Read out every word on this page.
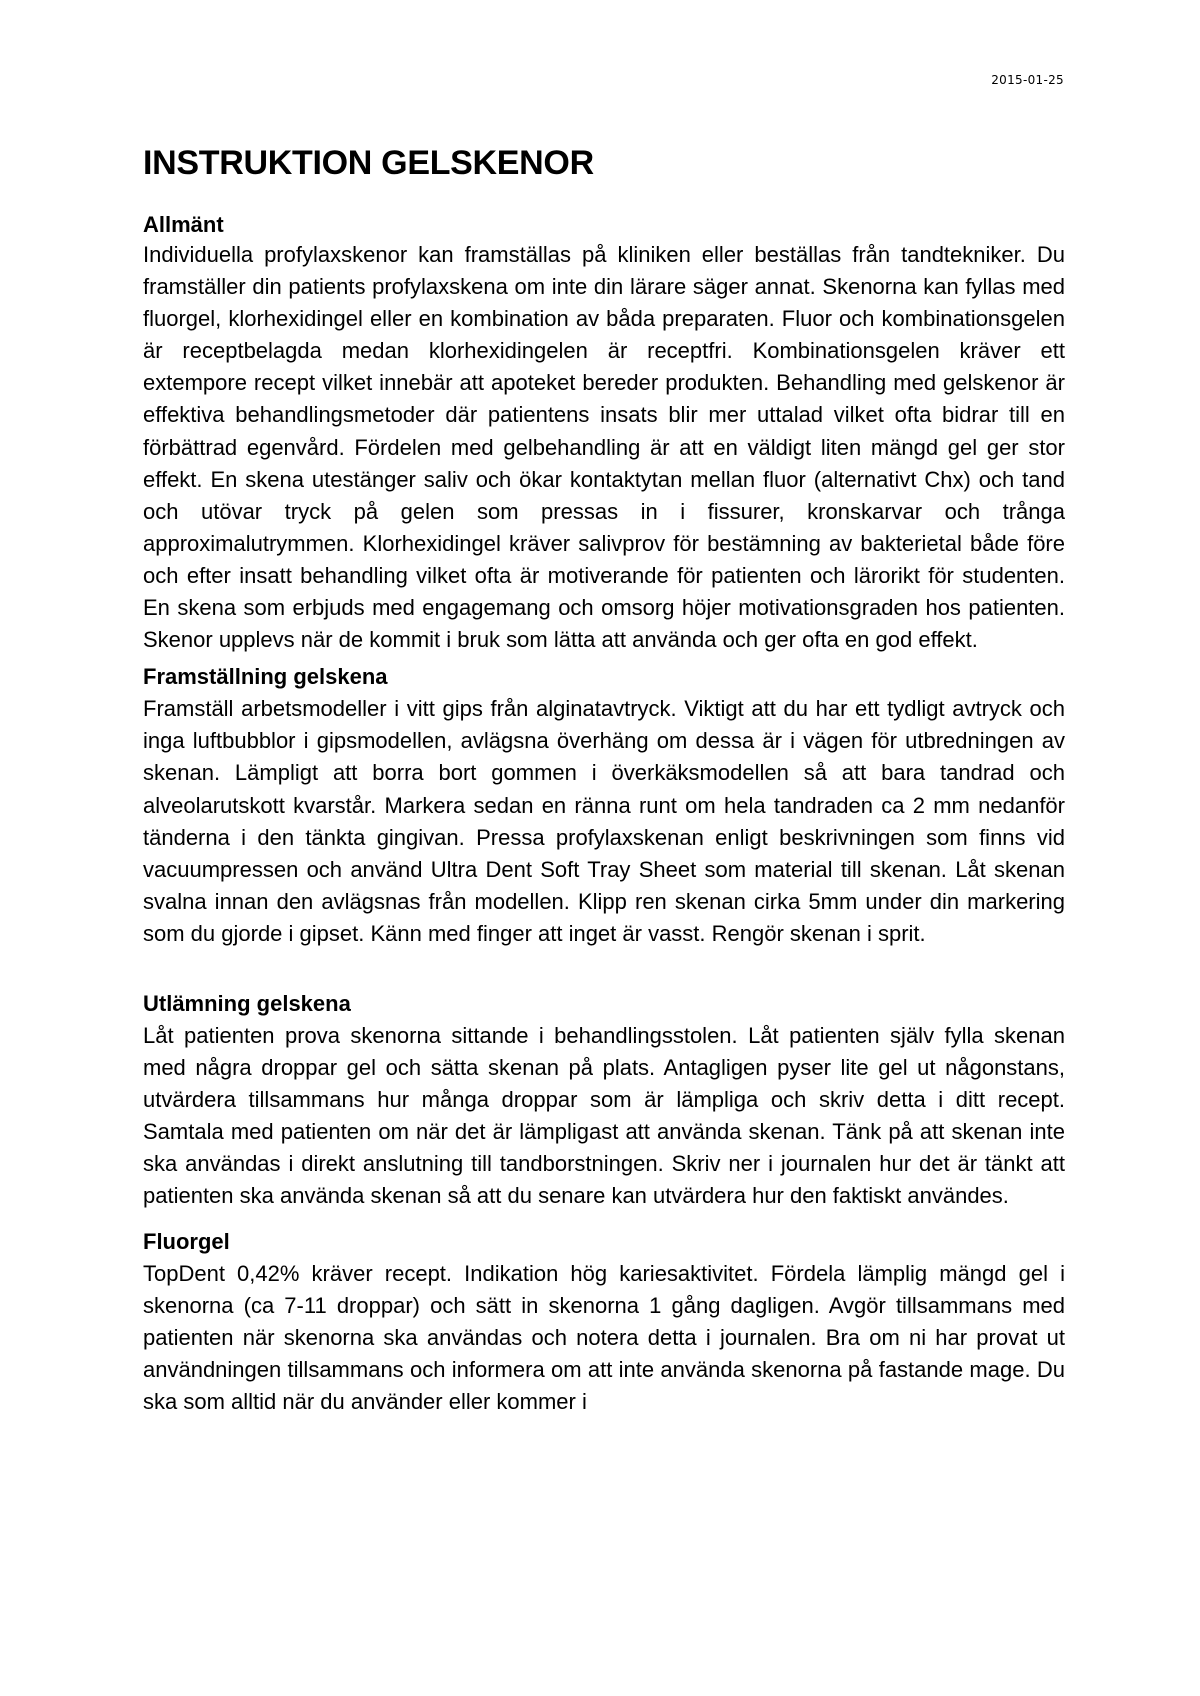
2015-01-25
INSTRUKTION GELSKENOR
Allmänt

Individuella profylaxskenor kan framställas på kliniken eller beställas från tandtekniker. Du framställer din patients profylaxskena om inte din lärare säger annat. Skenorna kan fyllas med fluorgel, klorhexidingel eller en kombination av båda preparaten. Fluor och kombinationsgelen är receptbelagda medan klorhexidingelen är receptfri. Kombinationsgelen kräver ett extempore recept vilket innebär att apoteket bereder produkten. Behandling med gelskenor är effektiva behandlingsmetoder där patientens insats blir mer uttalad vilket ofta bidrar till en förbättrad egenvård. Fördelen med gelbehandling är att en väldigt liten mängd gel ger stor effekt. En skena utestänger saliv och ökar kontaktytan mellan fluor (alternativt Chx) och tand och utövar tryck på gelen som pressas in i fissurer, kronskarvar och trånga approximalutrymmen. Klorhexidingel kräver salivprov för bestämning av bakterietal både före och efter insatt behandling vilket ofta är motiverande för patienten och lärorikt för studenten. En skena som erbjuds med engagemang och omsorg höjer motivationsgraden hos patienten. Skenor upplevs när de kommit i bruk som lätta att använda och ger ofta en god effekt.

Framställning gelskena

Framställ arbetsmodeller i vitt gips från alginatavtryck. Viktigt att du har ett tydligt avtryck och inga luftbubblor i gipsmodellen, avlägsna överhäng om dessa är i vägen för utbredningen av skenan. Lämpligt att borra bort gommen i överkäksmodellen så att bara tandrad och alveolarutskott kvarstår. Markera sedan en ränna runt om hela tandraden ca 2 mm nedanför tänderna i den tänkta gingivan. Pressa profylaxskenan enligt beskrivningen som finns vid vacuumpressen och använd Ultra Dent Soft Tray Sheet som material till skenan. Låt skenan svalna innan den avlägsnas från modellen. Klipp ren skenan cirka 5mm under din markering som du gjorde i gipset. Känn med finger att inget är vasst. Rengör skenan i sprit.

Utlämning gelskena

Låt patienten prova skenorna sittande i behandlingsstolen. Låt patienten själv fylla skenan med några droppar gel och sätta skenan på plats. Antagligen pyser lite gel ut någonstans, utvärdera tillsammans hur många droppar som är lämpliga och skriv detta i ditt recept. Samtala med patienten om när det är lämpligast att använda skenan. Tänk på att skenan inte ska användas i direkt anslutning till tandborstningen. Skriv ner i journalen hur det är tänkt att patienten ska använda skenan så att du senare kan utvärdera hur den faktiskt användes.

Fluorgel

TopDent 0,42% kräver recept. Indikation hög kariesaktivitet. Fördela lämplig mängd gel i skenorna (ca 7-11 droppar) och sätt in skenorna 1 gång dagligen. Avgör tillsammans med patienten när skenorna ska användas och notera detta i journalen. Bra om ni har provat ut användningen tillsammans och informera om att inte använda skenorna på fastande mage. Du ska som alltid när du använder eller kommer i
